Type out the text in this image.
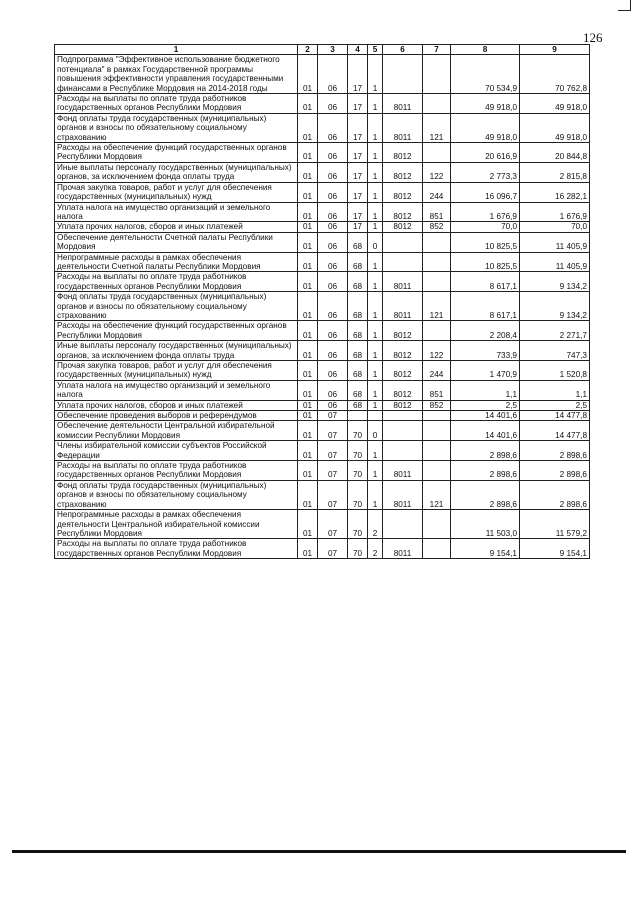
126
1	2	3	4	5	6	7	8	9
Подпрограмма "Эффективное использование бюджетного потенциала" в рамках Государственной программы повышения эффективности управления государственными финансами в Республике Мордовия на 2014-2018 годы	01	06	17	1			70 534,9	70 762,8
Расходы на выплаты по оплате труда работников государственных органов Республики Мордовия	01	06	17	1	8011		49 918,0	49 918,0
Фонд оплаты труда государственных (муниципальных) органов и взносы по обязательному социальному страхованию	01	06	17	1	8011	121	49 918,0	49 918,0
Расходы на обеспечение функций государственных органов Республики Мордовия	01	06	17	1	8012		20 616,9	20 844,8
Иные выплаты персоналу государственных (муниципальных) органов, за исключением фонда оплаты труда	01	06	17	1	8012	122	2 773,3	2 815,8
Прочая закупка товаров, работ и услуг для обеспечения государственных (муниципальных) нужд	01	06	17	1	8012	244	16 096,7	16 282,1
Уплата налога на имущество организаций и земельного налога	01	06	17	1	8012	851	1 676,9	1 676,9
Уплата прочих налогов, сборов и иных платежей	01	06	17	1	8012	852	70,0	70,0
Обеспечение деятельности Счетной палаты Республики Мордовия	01	06	68	0			10 825,5	11 405,9
Непрограммные расходы в рамках обеспечения деятельности Счетной палаты Республики Мордовия	01	06	68	1			10 825,5	11 405,9
Расходы на выплаты по оплате труда работников государственных органов Республики Мордовия	01	06	68	1	8011		8 617,1	9 134,2
Фонд оплаты труда государственных (муниципальных) органов и взносы по обязательному социальному страхованию	01	06	68	1	8011	121	8 617,1	9 134,2
Расходы на обеспечение функций государственных органов Республики Мордовия	01	06	68	1	8012		2 208,4	2 271,7
Иные выплаты персоналу государственных (муниципальных) органов, за исключением фонда оплаты труда	01	06	68	1	8012	122	733,9	747,3
Прочая закупка товаров, работ и услуг для обеспечения государственных (муниципальных) нужд	01	06	68	1	8012	244	1 470,9	1 520,8
Уплата налога на имущество организаций и земельного налога	01	06	68	1	8012	851	1,1	1,1
Уплата прочих налогов, сборов и иных платежей	01	06	68	1	8012	852	2,5	2,5
Обеспечение проведения выборов и референдумов	01	07					14 401,6	14 477,8
Обеспечение деятельности Центральной избирательной комиссии Республики Мордовия	01	07	70	0			14 401,6	14 477,8
Члены избирательной комиссии субъектов Российской Федерации	01	07	70	1			2 898,6	2 898,6
Расходы на выплаты по оплате труда работников государственных органов Республики Мордовия	01	07	70	1	8011		2 898,6	2 898,6
Фонд оплаты труда государственных (муниципальных) органов и взносы по обязательному социальному страхованию	01	07	70	1	8011	121	2 898,6	2 898,6
Непрограммные расходы в рамках обеспечения деятельности Центральной избирательной комиссии Республики Мордовия	01	07	70	2			11 503,0	11 579,2
Расходы на выплаты по оплате труда работников государственных органов Республики Мордовия	01	07	70	2	8011		9 154,1	9 154,1
